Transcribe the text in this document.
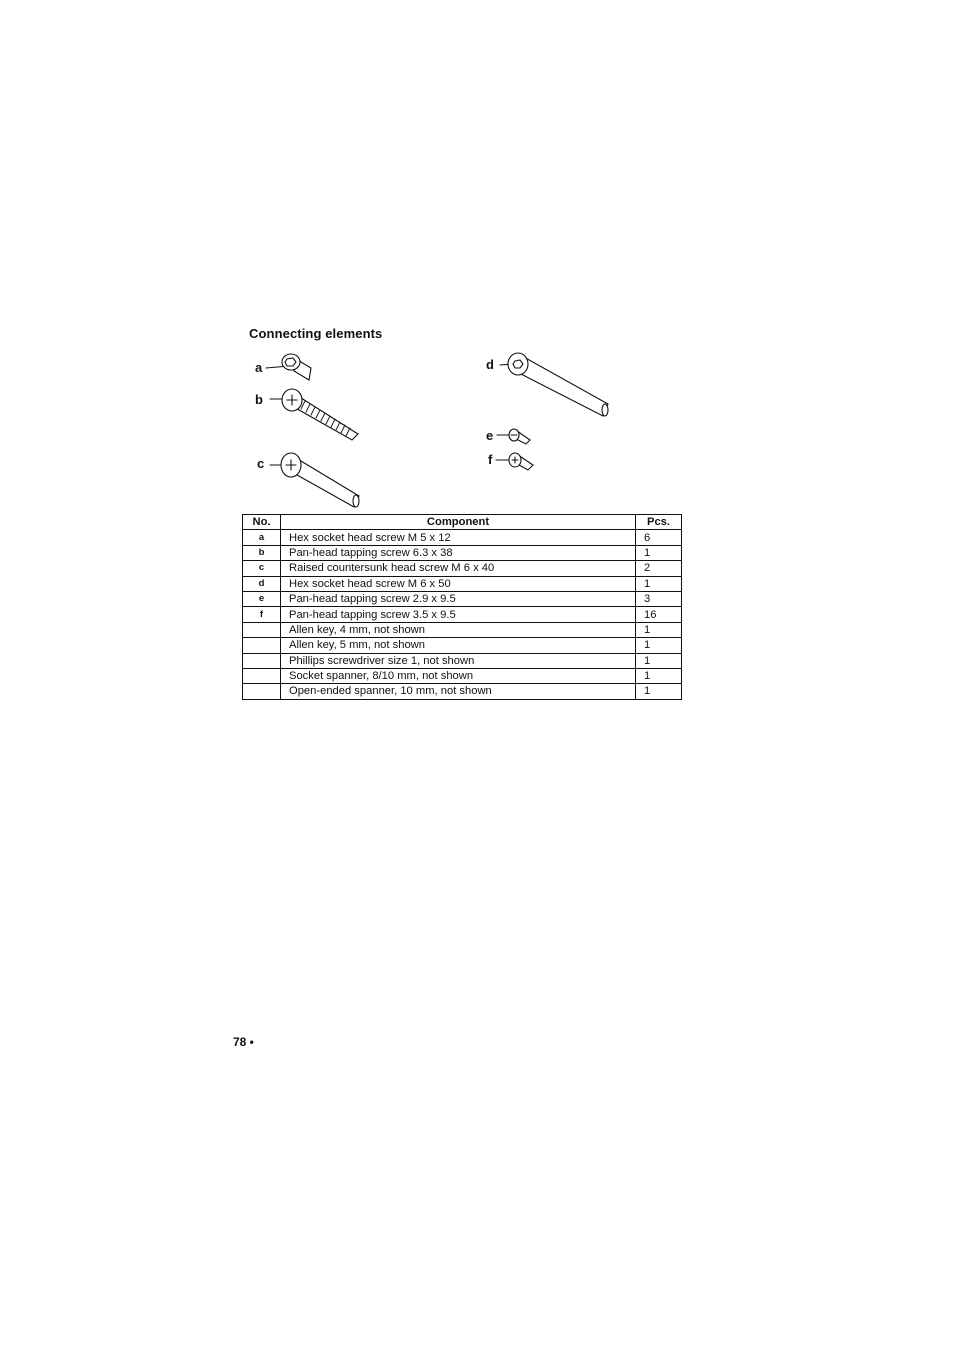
Connecting elements
a
b
c
d
e
f
No.	Component	Pcs.
a	Hex socket head screw M 5 x 12	6
b	Pan-head tapping screw 6.3 x 38	1
c	Raised countersunk head screw M 6 x 40	2
d	Hex socket head screw M 6 x 50	1
e	Pan-head tapping screw 2.9 x 9.5	3
f	Pan-head tapping screw 3.5 x 9.5	16
	Allen key, 4 mm, not shown	1
	Allen key, 5 mm, not shown	1
	Phillips screwdriver size 1, not shown	1
	Socket spanner, 8/10 mm, not shown	1
	Open-ended spanner, 10 mm, not shown	1
78 •
